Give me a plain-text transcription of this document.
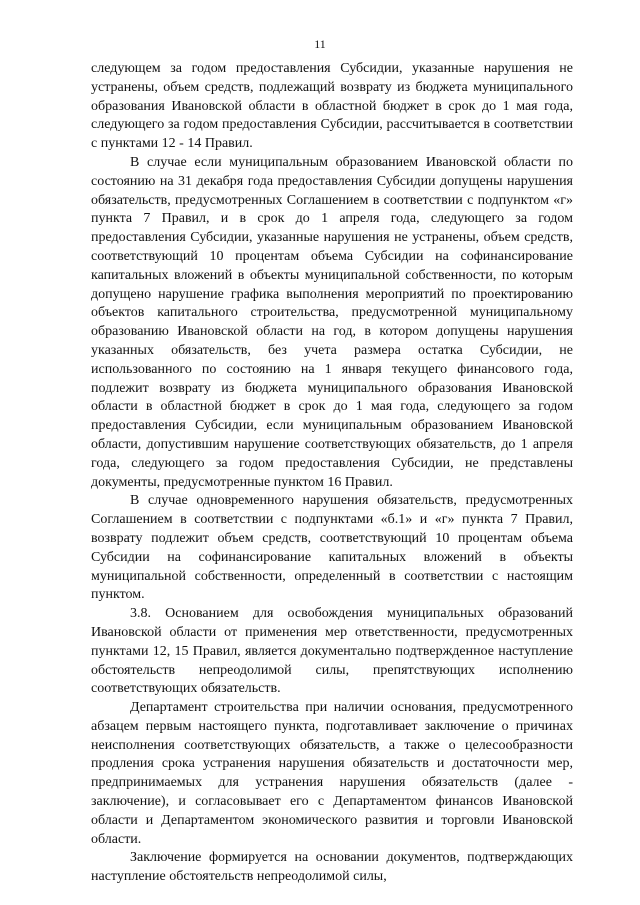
11

следующем за годом предоставления Субсидии, указанные нарушения не устранены, объем средств, подлежащий возврату из бюджета муниципального образования Ивановской области в областной бюджет в срок до 1 мая года, следующего за годом предоставления Субсидии, рассчитывается в соответствии с пунктами 12 - 14 Правил.

В случае если муниципальным образованием Ивановской области по состоянию на 31 декабря года предоставления Субсидии допущены нарушения обязательств, предусмотренных Соглашением в соответствии с подпунктом «г» пункта 7 Правил, и в срок до 1 апреля года, следующего за годом предоставления Субсидии, указанные нарушения не устранены, объем средств, соответствующий 10 процентам объема Субсидии на софинансирование капитальных вложений в объекты муниципальной собственности, по которым допущено нарушение графика выполнения мероприятий по проектированию объектов капитального строительства, предусмотренной муниципальному образованию Ивановской области на год, в котором допущены нарушения указанных обязательств, без учета размера остатка Субсидии, не использованного по состоянию на 1 января текущего финансового года, подлежит возврату из бюджета муниципального образования Ивановской области в областной бюджет в срок до 1 мая года, следующего за годом предоставления Субсидии, если муниципальным образованием Ивановской области, допустившим нарушение соответствующих обязательств, до 1 апреля года, следующего за годом предоставления Субсидии, не представлены документы, предусмотренные пунктом 16 Правил.

В случае одновременного нарушения обязательств, предусмотренных Соглашением в соответствии с подпунктами «б.1» и «г» пункта 7 Правил, возврату подлежит объем средств, соответствующий 10 процентам объема Субсидии на софинансирование капитальных вложений в объекты муниципальной собственности, определенный в соответствии с настоящим пунктом.

3.8. Основанием для освобождения муниципальных образований Ивановской области от применения мер ответственности, предусмотренных пунктами 12, 15 Правил, является документально подтвержденное наступление обстоятельств непреодолимой силы, препятствующих исполнению соответствующих обязательств.

Департамент строительства при наличии основания, предусмотренного абзацем первым настоящего пункта, подготавливает заключение о причинах неисполнения соответствующих обязательств, а также о целесообразности продления срока устранения нарушения обязательств и достаточности мер, предпринимаемых для устранения нарушения обязательств (далее - заключение), и согласовывает его с Департаментом финансов Ивановской области и Департаментом экономического развития и торговли Ивановской области.

Заключение формируется на основании документов, подтверждающих наступление обстоятельств непреодолимой силы,
